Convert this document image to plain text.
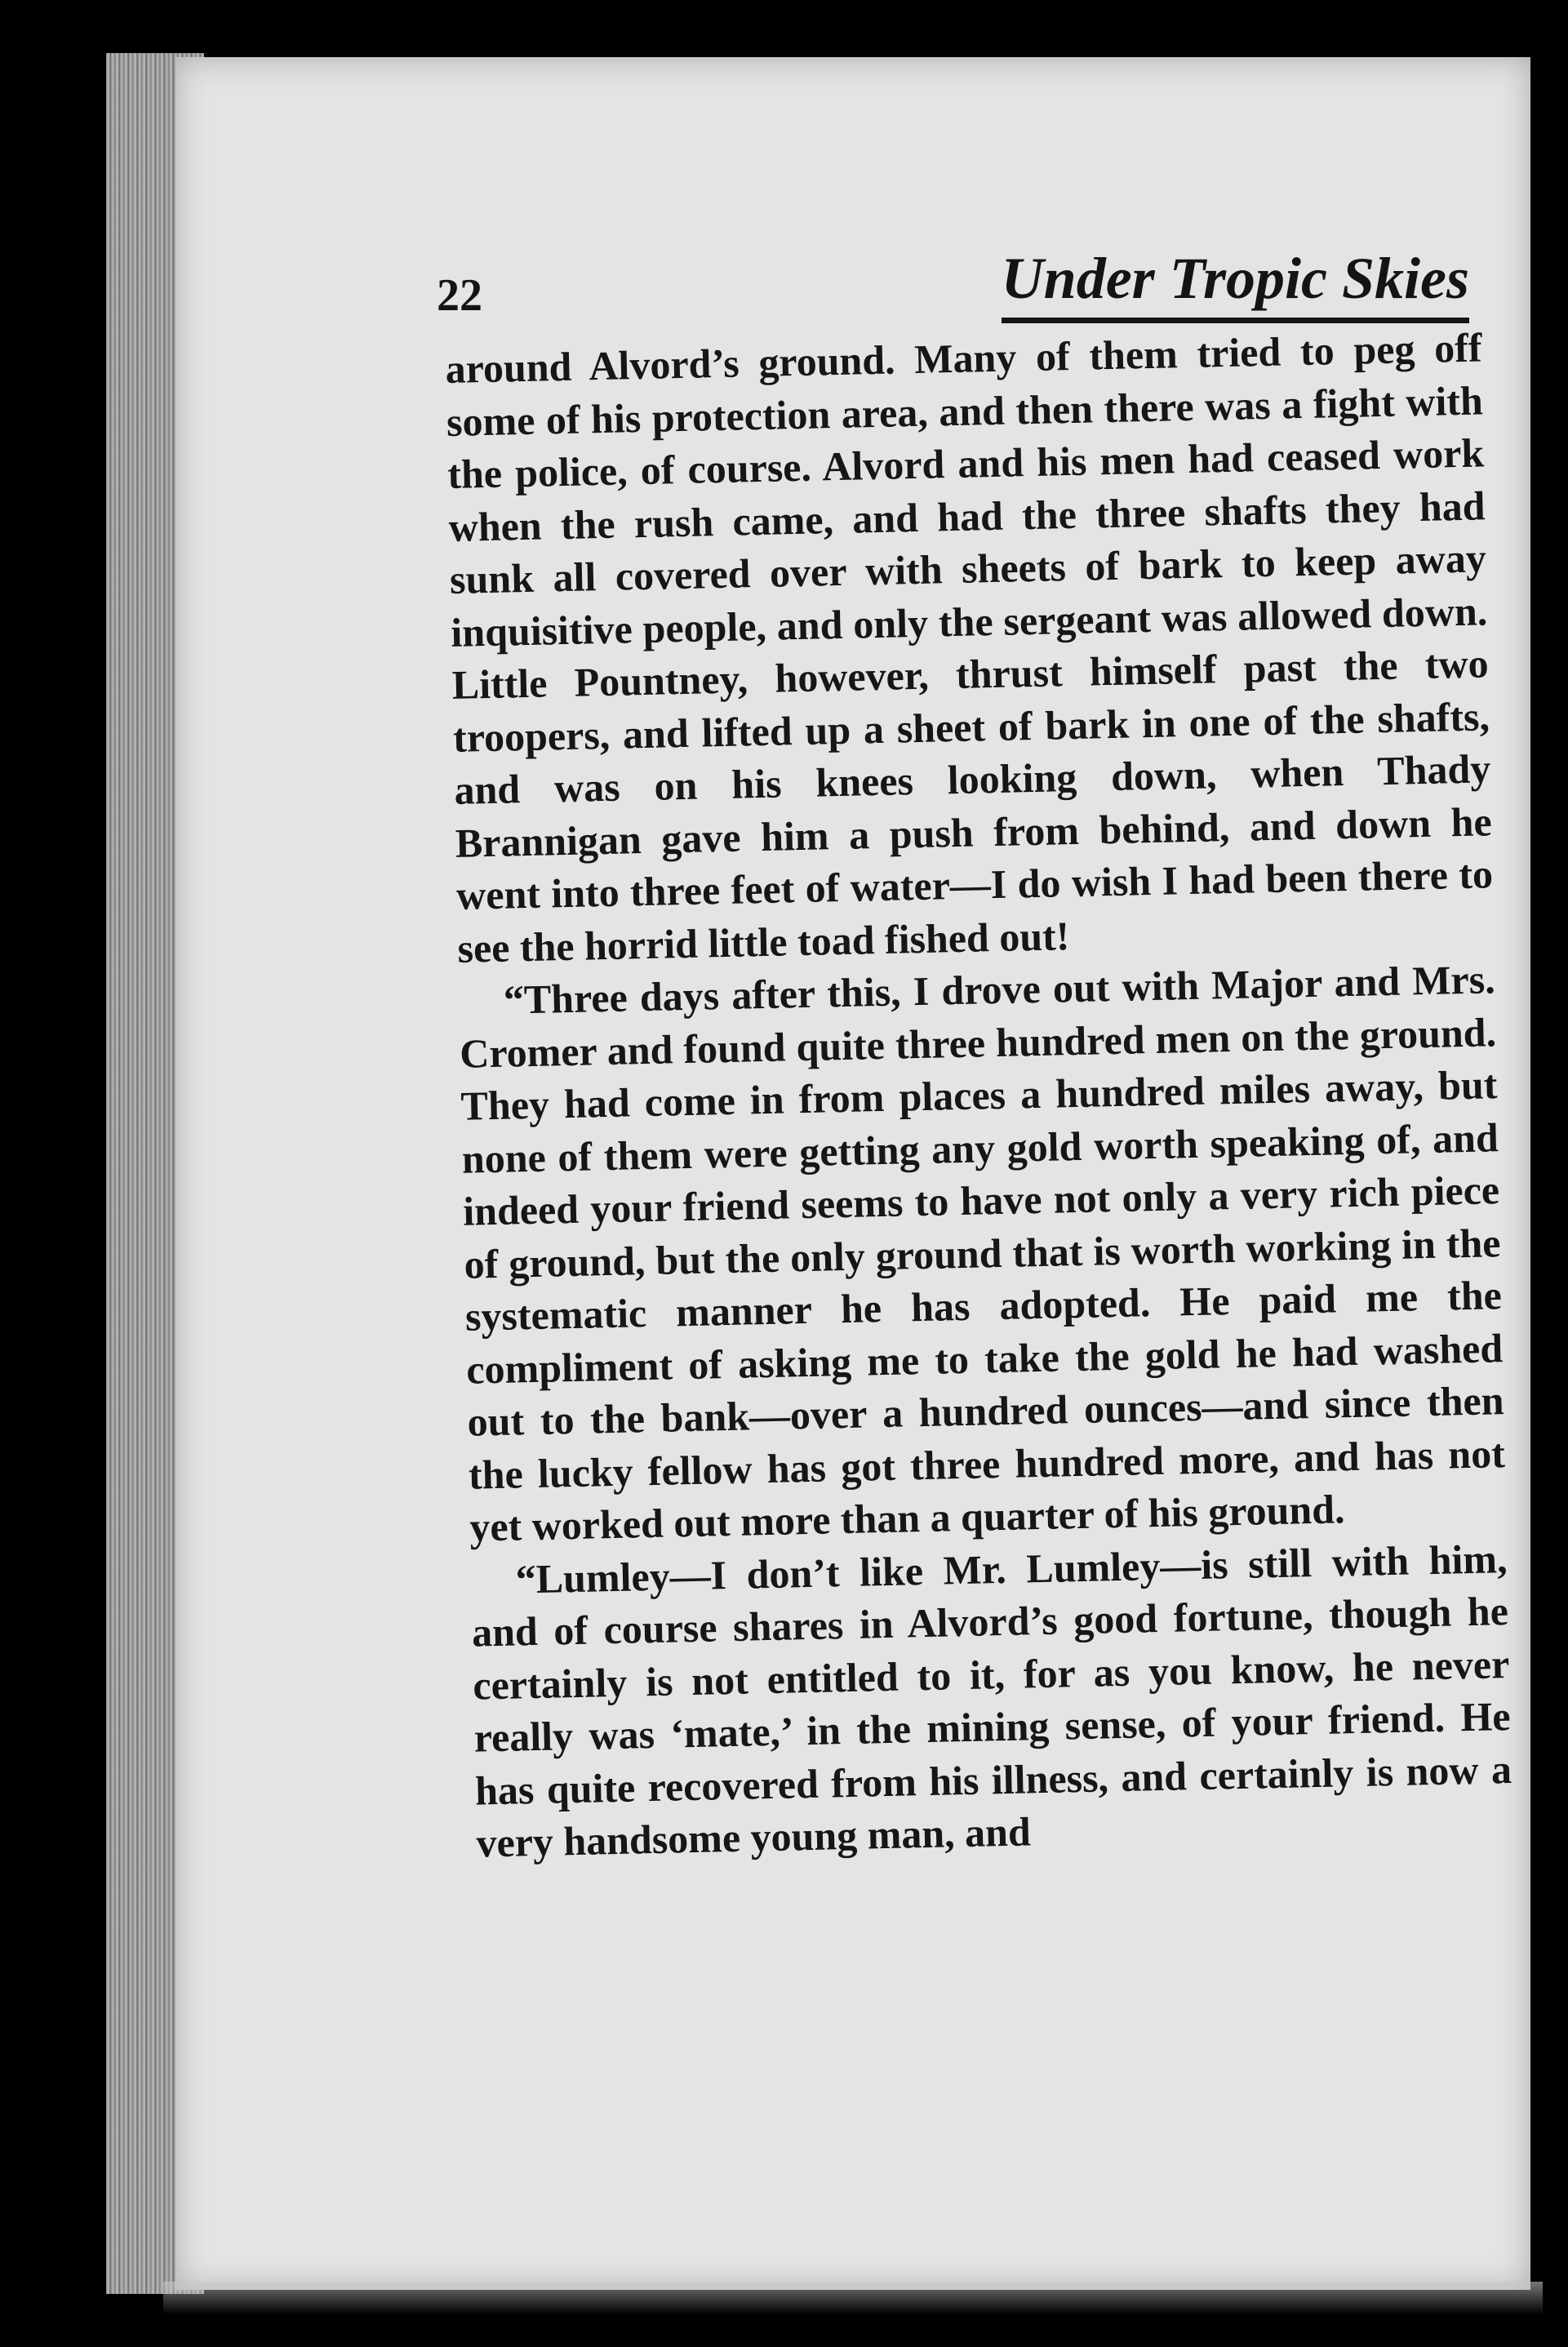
22	Under Tropic Skies

around Alvord’s ground. Many of them tried to peg off some of his protection area, and then there was a fight with the police, of course. Alvord and his men had ceased work when the rush came, and had the three shafts they had sunk all covered over with sheets of bark to keep away inquisitive people, and only the sergeant was allowed down. Little Pountney, however, thrust himself past the two troopers, and lifted up a sheet of bark in one of the shafts, and was on his knees looking down, when Thady Brannigan gave him a push from behind, and down he went into three feet of water—I do wish I had been there to see the horrid little toad fished out!

“Three days after this, I drove out with Major and Mrs. Cromer and found quite three hundred men on the ground. They had come in from places a hundred miles away, but none of them were getting any gold worth speaking of, and indeed your friend seems to have not only a very rich piece of ground, but the only ground that is worth working in the systematic manner he has adopted. He paid me the compliment of asking me to take the gold he had washed out to the bank—over a hundred ounces—and since then the lucky fellow has got three hundred more, and has not yet worked out more than a quarter of his ground.

“Lumley—I don’t like Mr. Lumley—is still with him, and of course shares in Alvord’s good fortune, though he certainly is not entitled to it, for as you know, he never really was ‘mate,’ in the mining sense, of your friend. He has quite recovered from his illness, and certainly is now a very handsome young man, and
